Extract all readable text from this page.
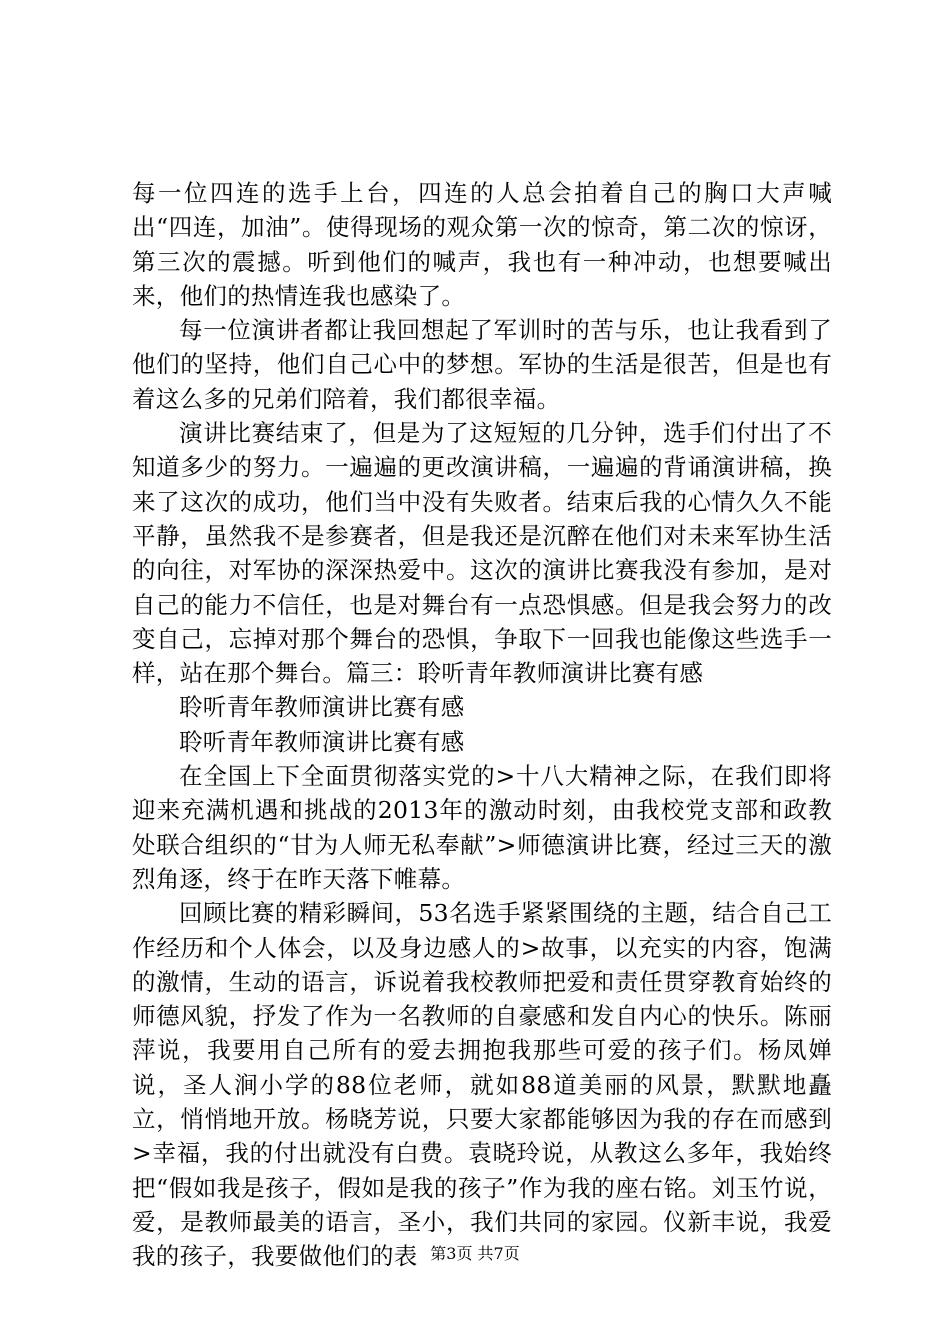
每一位四连的选手上台，四连的人总会拍着自己的胸口大声喊出“四连，加油”。使得现场的观众第一次的惊奇，第二次的惊讶，第三次的震撼。听到他们的喊声，我也有一种冲动，也想要喊出来，他们的热情连我也感染了。

每一位演讲者都让我回想起了军训时的苦与乐，也让我看到了他们的坚持，他们自己心中的梦想。军协的生活是很苦，但是也有着这么多的兄弟们陪着，我们都很幸福。

演讲比赛结束了，但是为了这短短的几分钟，选手们付出了不知道多少的努力。一遍遍的更改演讲稿，一遍遍的背诵演讲稿，换来了这次的成功，他们当中没有失败者。结束后我的心情久久不能平静，虽然我不是参赛者，但是我还是沉醉在他们对未来军协生活的向往，对军协的深深热爱中。这次的演讲比赛我没有参加，是对自己的能力不信任，也是对舞台有一点恐惧感。但是我会努力的改变自己，忘掉对那个舞台的恐惧，争取下一回我也能像这些选手一样，站在那个舞台。篇三：聆听青年教师演讲比赛有感

聆听青年教师演讲比赛有感

聆听青年教师演讲比赛有感

在全国上下全面贯彻落实党的>十八大精神之际，在我们即将迎来充满机遇和挑战的2013年的激动时刻，由我校党支部和政教处联合组织的“甘为人师无私奉献”>师德演讲比赛，经过三天的激烈角逐，终于在昨天落下帷幕。

回顾比赛的精彩瞬间，53名选手紧紧围绕的主题，结合自己工作经历和个人体会，以及身边感人的>故事，以充实的内容，饱满的激情，生动的语言，诉说着我校教师把爱和责任贯穿教育始终的师德风貌，抒发了作为一名教师的自豪感和发自内心的快乐。陈丽萍说，我要用自己所有的爱去拥抱我那些可爱的孩子们。杨凤婵说，圣人涧小学的88位老师，就如88道美丽的风景，默默地矗立，悄悄地开放。杨晓芳说，只要大家都能够因为我的存在而感到>幸福，我的付出就没有白费。袁晓玲说，从教这么多年，我始终把“假如我是孩子，假如是我的孩子”作为我的座右铭。刘玉竹说，爱，是教师最美的语言，圣小，我们共同的家园。仪新丰说，我爱我的孩子，我要做他们的表 第3页 共7页
